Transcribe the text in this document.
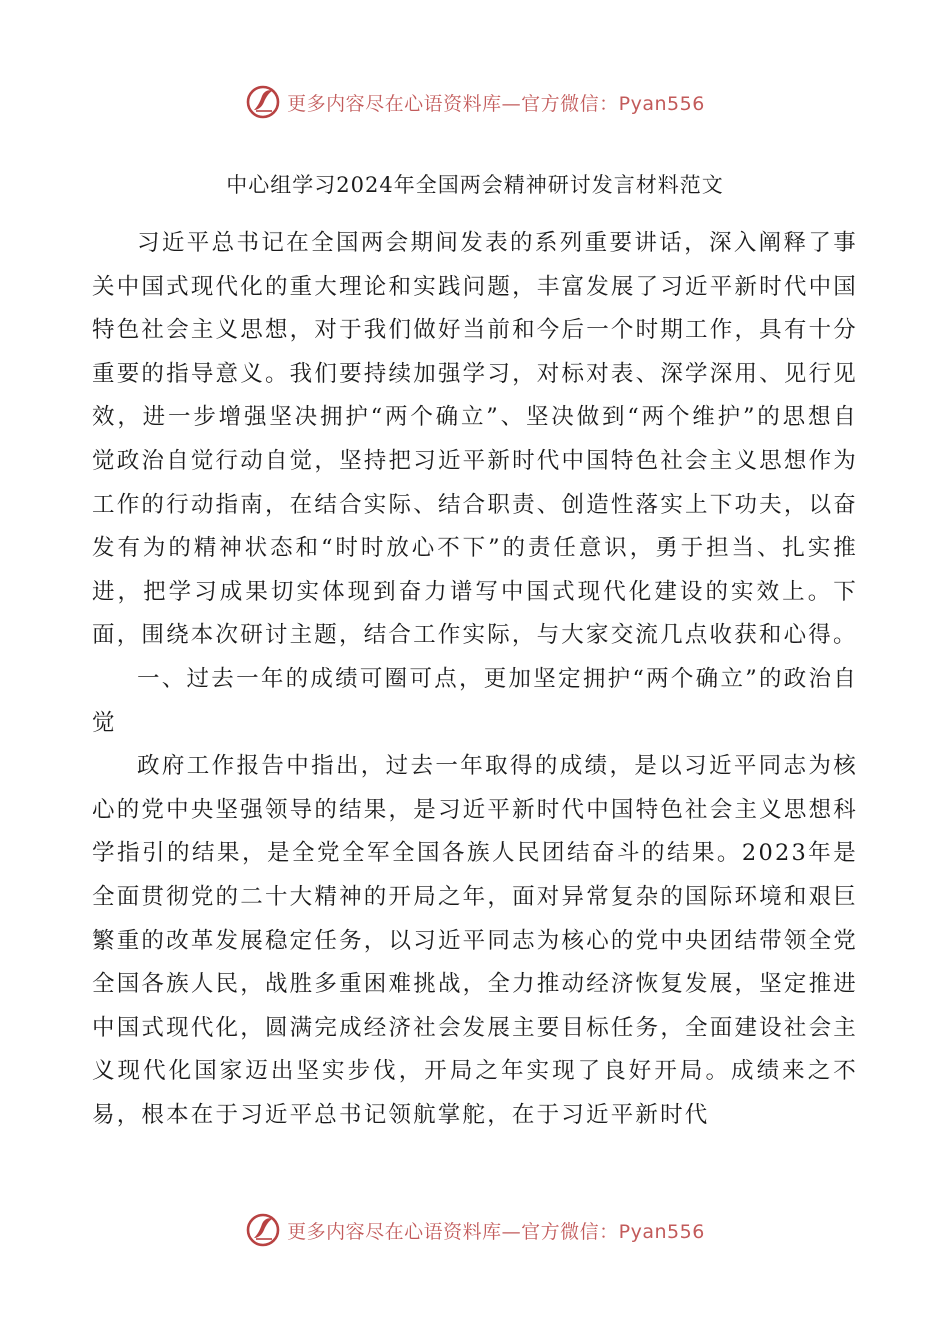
更多内容尽在心语资料库—官方微信：Pyan556
中心组学习2024年全国两会精神研讨发言材料范文

习近平总书记在全国两会期间发表的系列重要讲话，深入阐释了事关中国式现代化的重大理论和实践问题，丰富发展了习近平新时代中国特色社会主义思想，对于我们做好当前和今后一个时期工作，具有十分重要的指导意义。我们要持续加强学习，对标对表、深学深用、见行见效，进一步增强坚决拥护“两个确立”、坚决做到“两个维护”的思想自觉政治自觉行动自觉，坚持把习近平新时代中国特色社会主义思想作为工作的行动指南，在结合实际、结合职责、创造性落实上下功夫，以奋发有为的精神状态和“时时放心不下”的责任意识，勇于担当、扎实推进，把学习成果切实体现到奋力谱写中国式现代化建设的实效上。下面，围绕本次研讨主题，结合工作实际，与大家交流几点收获和心得。

一、过去一年的成绩可圈可点，更加坚定拥护“两个确立”的政治自觉

政府工作报告中指出，过去一年取得的成绩，是以习近平同志为核心的党中央坚强领导的结果，是习近平新时代中国特色社会主义思想科学指引的结果，是全党全军全国各族人民团结奋斗的结果。2023年是全面贯彻党的二十大精神的开局之年，面对异常复杂的国际环境和艰巨繁重的改革发展稳定任务，以习近平同志为核心的党中央团结带领全党全国各族人民，战胜多重困难挑战，全力推动经济恢复发展，坚定推进中国式现代化，圆满完成经济社会发展主要目标任务，全面建设社会主义现代化国家迈出坚实步伐，开局之年实现了良好开局。成绩来之不易，根本在于习近平总书记领航掌舵，在于习近平新时代

更多内容尽在心语资料库—官方微信：Pyan556
